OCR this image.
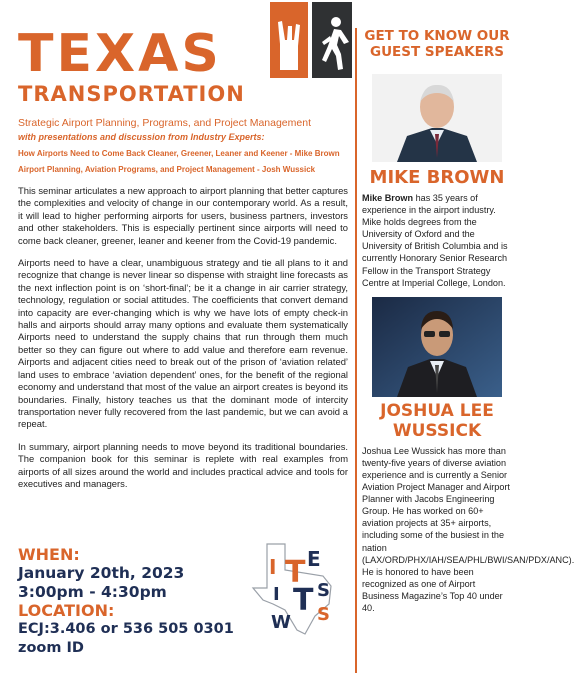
TEXAS
TRANSPORTATION
Strategic Airport Planning, Programs, and Project Management
with presentations and discussion from Industry Experts:
How Airports Need to Come Back Cleaner, Greener, Leaner and Keener - Mike Brown
Airport Planning, Aviation Programs, and Project Management - Josh Wussick

This seminar articulates a new approach to airport planning that better captures the complexities and velocity of change in our contemporary world. As a result, it will lead to higher performing airports for users, business partners, investors and other stakeholders. This is especially pertinent since airports will need to come back cleaner, greener, leaner and keener from the Covid-19 pandemic.

Airports need to have a clear, unambiguous strategy and tie all plans to it and recognize that change is never linear so dispense with straight line forecasts as the next inflection point is on ‘short-final’; be it a change in air carrier strategy, technology, regulation or social attitudes. The coefficients that convert demand into capacity are ever-changing which is why we have lots of empty check-in halls and airports should array many options and evaluate them systematically Airports need to understand the supply chains that run through them much better so they can figure out where to add value and therefore earn revenue. Airports and adjacent cities need to break out of the prison of ‘aviation related’ land uses to embrace ‘aviation dependent’ ones, for the benefit of the regional economy and understand that most of the value an airport creates is beyond its boundaries. Finally, history teaches us that the dominant mode of intercity transportation never fully recovered from the last pandemic, but we can avoid a repeat.

In summary, airport planning needs to move beyond its traditional boundaries. The companion book for this seminar is replete with real examples from airports of all sizes around the world and includes practical advice and tools for executives and managers.

WHEN:
January 20th, 2023
3:00pm - 4:30pm
LOCATION:
ECJ:3.406 or 536 505 0301 zoom ID
I T E
I T S
W S
GET TO KNOW OUR GUEST SPEAKERS
MIKE BROWN

Mike Brown has 35 years of experience in the airport industry. Mike holds degrees from the University of Oxford and the University of British Columbia and is currently Honorary Senior Research Fellow in the Transport Strategy Centre at Imperial College, London.

JOSHUA LEE WUSSICK

Joshua Lee Wussick has more than twenty-five years of diverse aviation experience and is currently a Senior Aviation Project Manager and Airport Planner with Jacobs Engineering Group. He has worked on 60+ aviation projects at 35+ airports, including some of the busiest in the nation (LAX/ORD/PHX/IAH/SEA/PHL/BWI/SAN/PDX/ANC). He is honored to have been recognized as one of Airport Business Magazine’s Top 40 under 40.
